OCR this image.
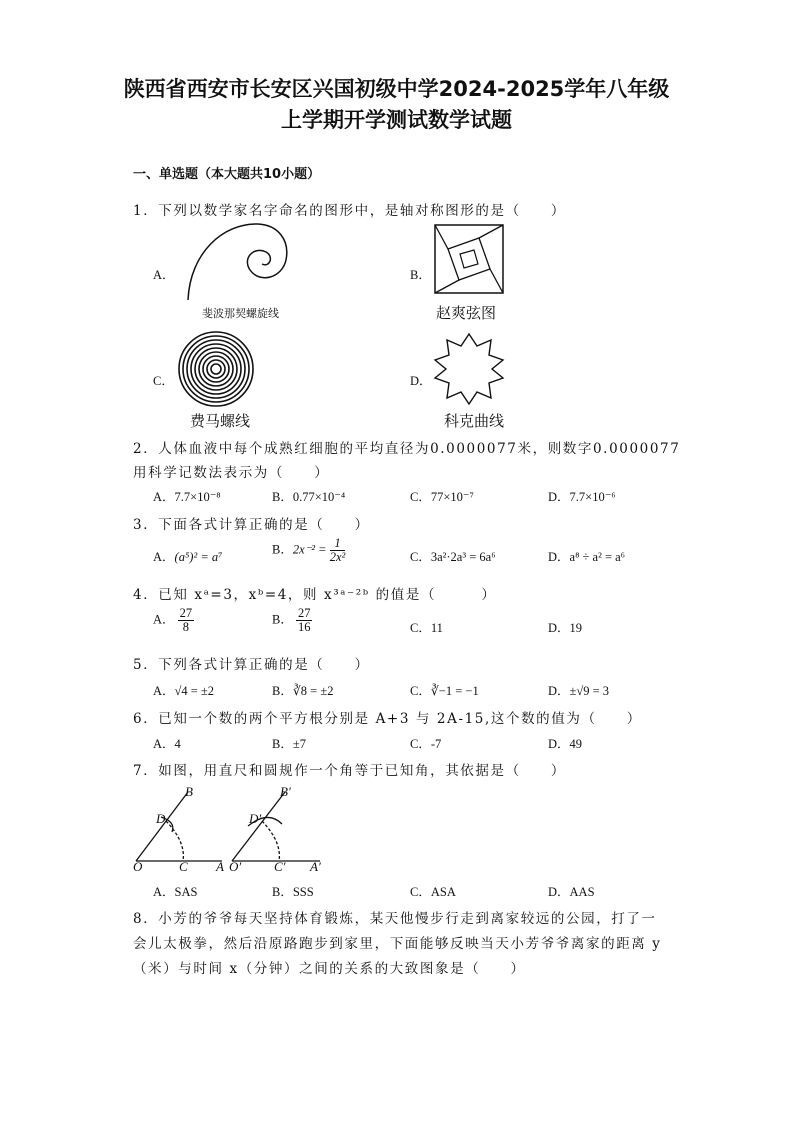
陕西省西安市长安区兴国初级中学2024-2025学年八年级
上学期开学测试数学试题
一、单选题（本大题共10小题）
1．下列以数学家名字命名的图形中，是轴对称图形的是（　　）
A．
斐波那契螺旋线
B．
赵爽弦图
C．
费马螺线
D．
科克曲线
2．人体血液中每个成熟红细胞的平均直径为0.0000077米，则数字0.0000077
用科学记数法表示为（　　）
A．7.7×10⁻⁸	B．0.77×10⁻⁴	C．77×10⁻⁷	D．7.7×10⁻⁶
3．下面各式计算正确的是（　　）
A．(a⁵)² = a⁷
B．$2x^{-2} = \frac{1}{\text{2x²}}$	C．3a²·2a³ = 6a⁶	D．a⁸ ÷ a² = a⁶
4．已知 xᵃ=3，xᵇ=4，则 x³ᵃ⁻²ᵇ 的值是（　　　）
A． $\frac{27}{8}$	B． $\frac{27}{16}$	C．11	D．19
5．下列各式计算正确的是（　　）
A．√4 = ±2	B．∛8 = ±2	C．∛−1 = −1	D．±√9 = 3
6．已知一个数的两个平方根分别是 A+3 与 2A-15,这个数的值为（　　）
A．4	B．±7	C．-7	D．49
7．如图，用直尺和圆规作一个角等于已知角，其依据是（　　）
B
D
O	C A
B′
D′
O′	C′ A′
A．SAS	B．SSS	C．ASA	D．AAS
8．小芳的爷爷每天坚持体育锻炼，某天他慢步行走到离家较远的公园，打了一
会儿太极拳，然后沿原路跑步到家里，下面能够反映当天小芳爷爷离家的距离 y
（米）与时间 x（分钟）之间的关系的大致图象是（　　）
